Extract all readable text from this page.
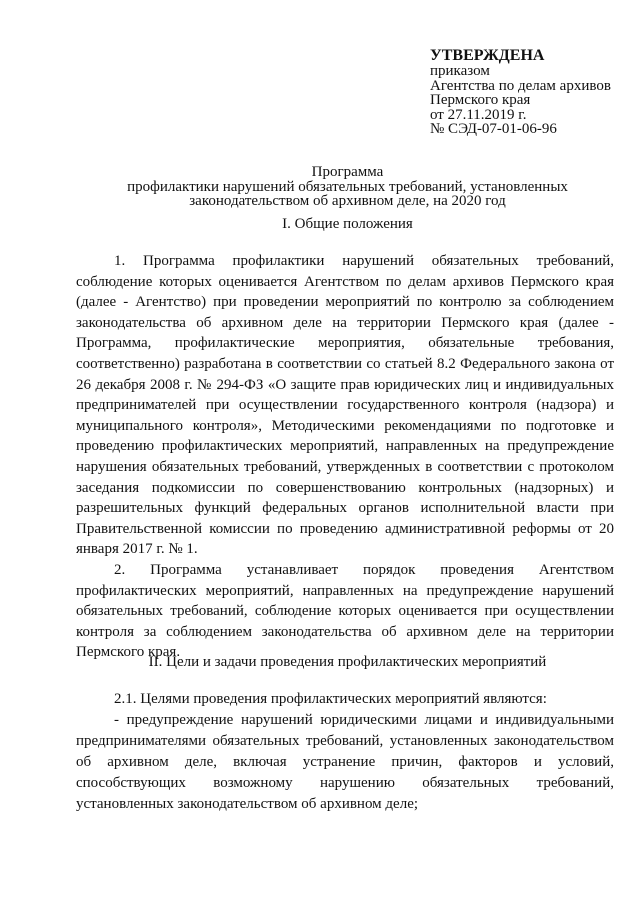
УТВЕРЖДЕНА
приказом
Агентства по делам архивов
Пермского края
от 27.11.2019 г.
№ СЭД-07-01-06-96
Программа
профилактики нарушений обязательных требований, установленных
законодательством об архивном деле, на 2020 год
I. Общие положения

1. Программа профилактики нарушений обязательных требований, соблюдение которых оценивается Агентством по делам архивов Пермского края (далее - Агентство) при проведении мероприятий по контролю за соблюдением законодательства об архивном деле на территории Пермского края (далее - Программа, профилактические мероприятия, обязательные требования, соответственно) разработана в соответствии со статьей 8.2 Федерального закона от 26 декабря 2008 г. № 294-ФЗ «О защите прав юридических лиц и индивидуальных предпринимателей при осуществлении государственного контроля (надзора) и муниципального контроля», Методическими рекомендациями по подготовке и проведению профилактических мероприятий, направленных на предупреждение нарушения обязательных требований, утвержденных в соответствии с протоколом заседания подкомиссии по совершенствованию контрольных (надзорных) и разрешительных функций федеральных органов исполнительной власти при Правительственной комиссии по проведению административной реформы от 20 января 2017 г. № 1.

2. Программа устанавливает порядок проведения Агентством профилактических мероприятий, направленных на предупреждение нарушений обязательных требований, соблюдение которых оценивается при осуществлении контроля за соблюдением законодательства об архивном деле на территории Пермского края.

II. Цели и задачи проведения профилактических мероприятий

2.1. Целями проведения профилактических мероприятий являются:

- предупреждение нарушений юридическими лицами и индивидуальными предпринимателями обязательных требований, установленных законодательством об архивном деле, включая устранение причин, факторов и условий, способствующих возможному нарушению обязательных требований, установленных законодательством об архивном деле;
